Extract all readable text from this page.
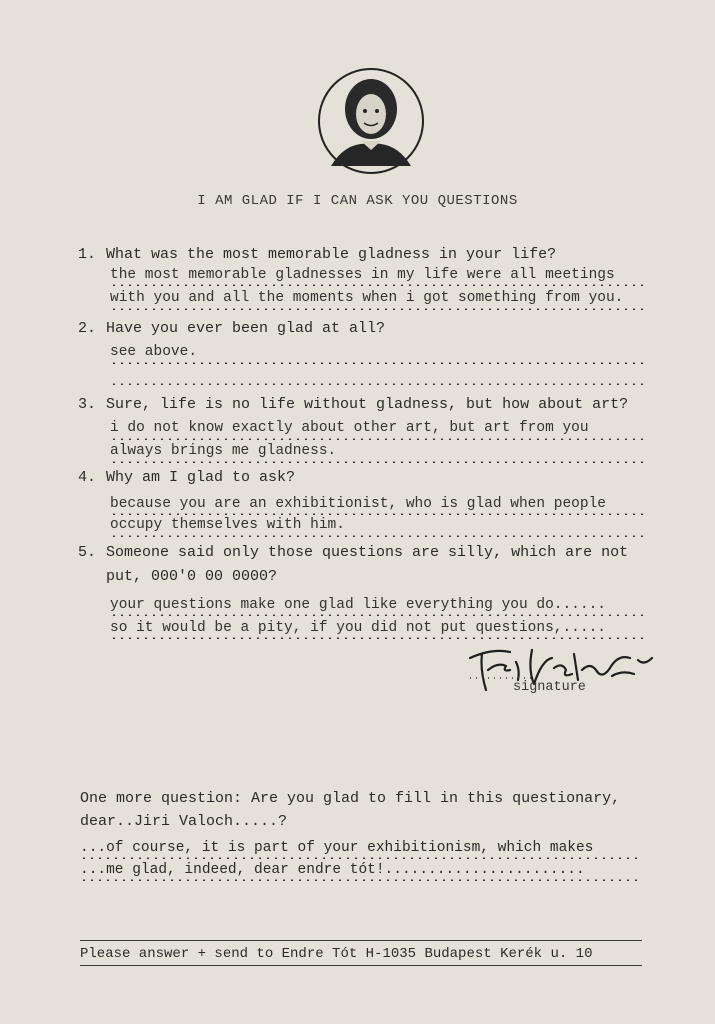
I AM GLAD IF I CAN ASK YOU QUESTIONS
1. What was the most memorable gladness in your life?
the most memorable gladnesses in my life were all meetings
with you and all the moments when i got something from you.
2. Have you ever been glad at all?
see above.
3. Sure, life is no life without gladness, but how about art?
i do not know exactly about other art, but art from you
always brings me gladness.
4. Why am I glad to ask?
because you are an exhibitionist, who is glad when people
occupy themselves with him.
5. Someone said only those questions are silly, which are not
put, 000'0 00 0000?
your questions make one glad like everything you do......
so it would be a pity, if you did not put questions,.....
signature
One more question: Are you glad to fill in this questionary,
dear..Jiri Valoch.....?
...of course, it is part of your exhibitionism, which makes
...me glad, indeed, dear endre tót!.......................
Please answer + send to Endre Tót H-1035 Budapest Kerék u. 10
